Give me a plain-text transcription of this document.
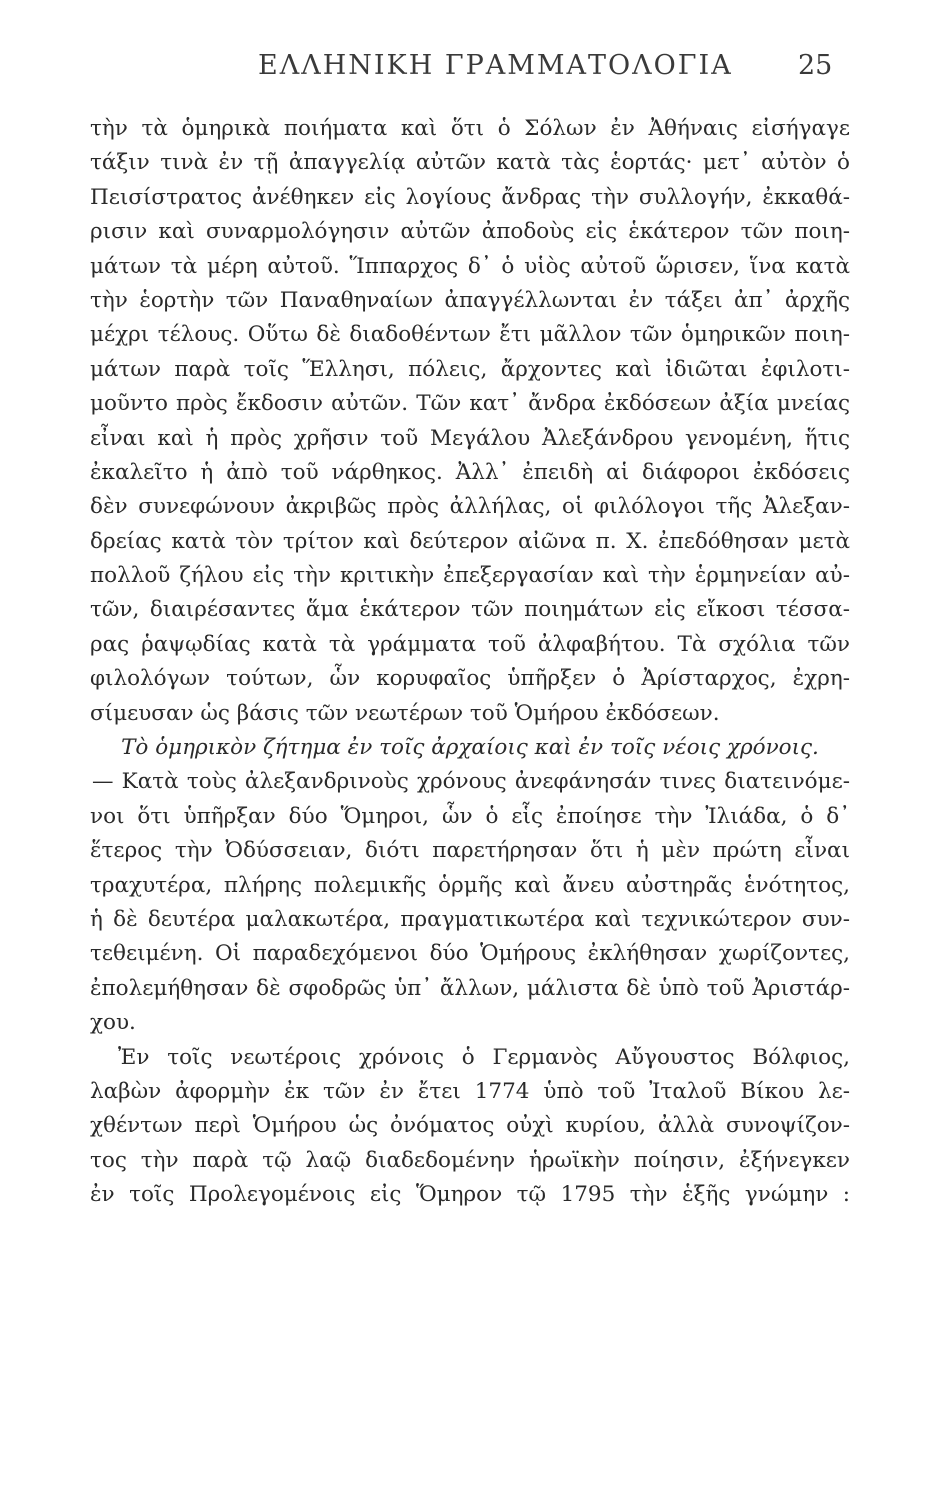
ΕΛΛΗΝΙΚΗ ΓΡΑΜΜΑΤΟΛΟΓΙΑ 25
τὴν τὰ ὁμηρικὰ ποιήματα καὶ ὅτι ὁ Σόλων ἐν Ἀθήναις εἰσήγαγε
τάξιν τινὰ ἐν τῇ ἀπαγγελίᾳ αὐτῶν κατὰ τὰς ἑορτάς· μετ᾽ αὐτὸν ὁ
Πεισίστρατος ἀνέθηκεν εἰς λογίους ἄνδρας τὴν συλλογήν, ἐκκαθά-
ρισιν καὶ συναρμολόγησιν αὐτῶν ἀποδοὺς εἰς ἑκάτερον τῶν ποιη-
μάτων τὰ μέρη αὐτοῦ. Ἵππαρχος δ᾽ ὁ υἱὸς αὐτοῦ ὥρισεν, ἵνα κατὰ
τὴν ἑορτὴν τῶν Παναθηναίων ἀπαγγέλλωνται ἐν τάξει ἀπ᾽ ἀρχῆς
μέχρι τέλους. Οὕτω δὲ διαδοθέντων ἔτι μᾶλλον τῶν ὁμηρικῶν ποιη-
μάτων παρὰ τοῖς Ἕλλησι, πόλεις, ἄρχοντες καὶ ἰδιῶται ἐφιλοτι-
μοῦντο πρὸς ἔκδοσιν αὐτῶν. Τῶν κατ᾽ ἄνδρα ἐκδόσεων ἀξία μνείας
εἶναι καὶ ἡ πρὸς χρῆσιν τοῦ Μεγάλου Ἀλεξάνδρου γενομένη, ἥτις
ἐκαλεῖτο ἡ ἀπὸ τοῦ νάρθηκος. Ἀλλ᾽ ἐπειδὴ αἱ διάφοροι ἐκδόσεις
δὲν συνεφώνουν ἀκριβῶς πρὸς ἀλλήλας, οἱ φιλόλογοι τῆς Ἀλεξαν-
δρείας κατὰ τὸν τρίτον καὶ δεύτερον αἰῶνα π. Χ. ἐπεδόθησαν μετὰ
πολλοῦ ζήλου εἰς τὴν κριτικὴν ἐπεξεργασίαν καὶ τὴν ἑρμηνείαν αὐ-
τῶν, διαιρέσαντες ἅμα ἑκάτερον τῶν ποιημάτων εἰς εἴκοσι τέσσα-
ρας ῥαψῳδίας κατὰ τὰ γράμματα τοῦ ἀλφαβήτου. Τὰ σχόλια τῶν
φιλολόγων τούτων, ὧν κορυφαῖος ὑπῆρξεν ὁ Ἀρίσταρχος, ἐχρη-
σίμευσαν ὡς βάσις τῶν νεωτέρων τοῦ Ὁμήρου ἐκδόσεων.
Τὸ ὁμηρικὸν ζήτημα ἐν τοῖς ἀρχαίοις καὶ ἐν τοῖς νέοις χρόνοις.
— Κατὰ τοὺς ἀλεξανδρινοὺς χρόνους ἀνεφάνησάν τινες διατεινόμε-
νοι ὅτι ὑπῆρξαν δύο Ὅμηροι, ὧν ὁ εἷς ἐποίησε τὴν Ἰλιάδα, ὁ δ᾽
ἕτερος τὴν Ὀδύσσειαν, διότι παρετήρησαν ὅτι ἡ μὲν πρώτη εἶναι
τραχυτέρα, πλήρης πολεμικῆς ὁρμῆς καὶ ἄνευ αὐστηρᾶς ἑνότητος,
ἡ δὲ δευτέρα μαλακωτέρα, πραγματικωτέρα καὶ τεχνικώτερον συν-
τεθειμένη. Οἱ παραδεχόμενοι δύο Ὁμήρους ἐκλήθησαν χωρίζοντες,
ἐπολεμήθησαν δὲ σφοδρῶς ὑπ᾽ ἄλλων, μάλιστα δὲ ὑπὸ τοῦ Ἀριστάρ-
χου.
Ἐν τοῖς νεωτέροις χρόνοις ὁ Γερμανὸς Αὔγουστος Βόλφιος,
λαβὼν ἀφορμὴν ἐκ τῶν ἐν ἔτει 1774 ὑπὸ τοῦ Ἰταλοῦ Βίκου λε-
χθέντων περὶ Ὁμήρου ὡς ὀνόματος οὐχὶ κυρίου, ἀλλὰ συνοψίζον-
τος τὴν παρὰ τῷ λαῷ διαδεδομένην ἡρωϊκὴν ποίησιν, ἐξήνεγκεν
ἐν τοῖς Προλεγομένοις εἰς Ὅμηρον τῷ 1795 τὴν ἑξῆς γνώμην :
